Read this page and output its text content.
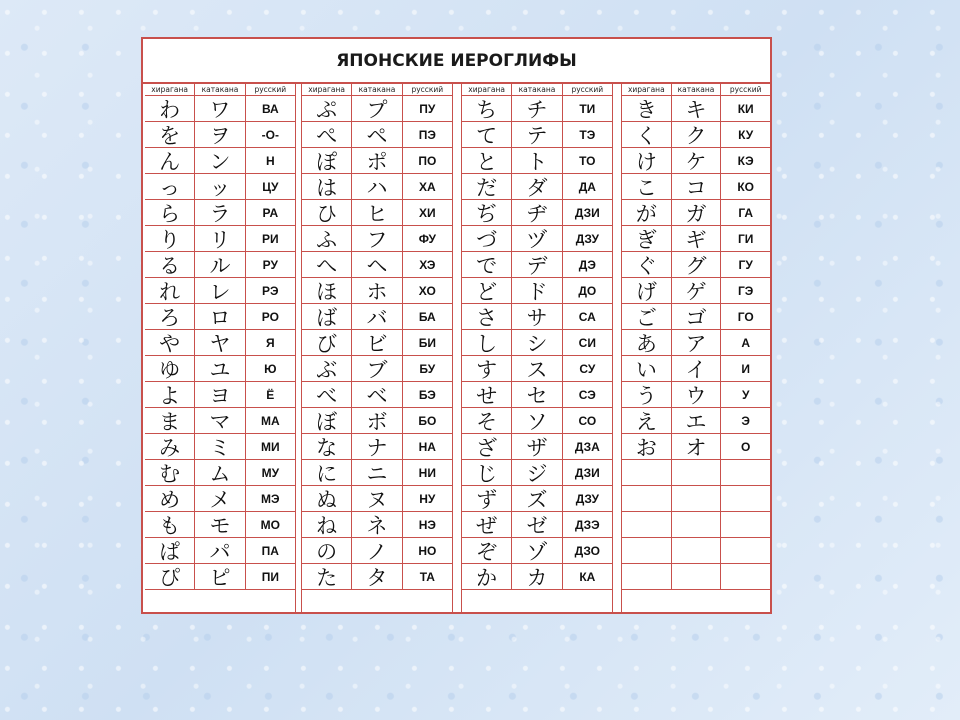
ЯПОНСКИЕ ИЕРОГЛИФЫ
хирагана	катакана	русский
わ	ワ	ВА
を	ヲ	-О-
ん	ン	Н
っ	ッ	ЦУ
ら	ラ	РА
り	リ	РИ
る	ル	РУ
れ	レ	РЭ
ろ	ロ	РО
や	ヤ	Я
ゆ	ユ	Ю
よ	ヨ	Ё
ま	マ	МА
み	ミ	МИ
む	ム	МУ
め	メ	МЭ
も	モ	МО
ぱ	パ	ПА
ぴ	ピ	ПИ
хирагана	катакана	русский
ぷ	プ	ПУ
ぺ	ペ	ПЭ
ぽ	ポ	ПО
は	ハ	ХА
ひ	ヒ	ХИ
ふ	フ	ФУ
へ	ヘ	ХЭ
ほ	ホ	ХО
ば	バ	БА
び	ビ	БИ
ぶ	ブ	БУ
べ	ベ	БЭ
ぼ	ボ	БО
な	ナ	НА
に	ニ	НИ
ぬ	ヌ	НУ
ね	ネ	НЭ
の	ノ	НО
た	タ	ТА
хирагана	катакана	русский
ち	チ	ТИ
て	テ	ТЭ
と	ト	ТО
だ	ダ	ДА
ぢ	ヂ	ДЗИ
づ	ヅ	ДЗУ
で	デ	ДЭ
ど	ド	ДО
さ	サ	СА
し	シ	СИ
す	ス	СУ
せ	セ	СЭ
そ	ソ	СО
ざ	ザ	ДЗА
じ	ジ	ДЗИ
ず	ズ	ДЗУ
ぜ	ゼ	ДЗЭ
ぞ	ゾ	ДЗО
か	カ	КА
хирагана	катакана	русский
き	キ	КИ
く	ク	КУ
け	ケ	КЭ
こ	コ	КО
が	ガ	ГА
ぎ	ギ	ГИ
ぐ	グ	ГУ
げ	ゲ	ГЭ
ご	ゴ	ГО
あ	ア	А
い	イ	И
う	ウ	У
え	エ	Э
お	オ	О
